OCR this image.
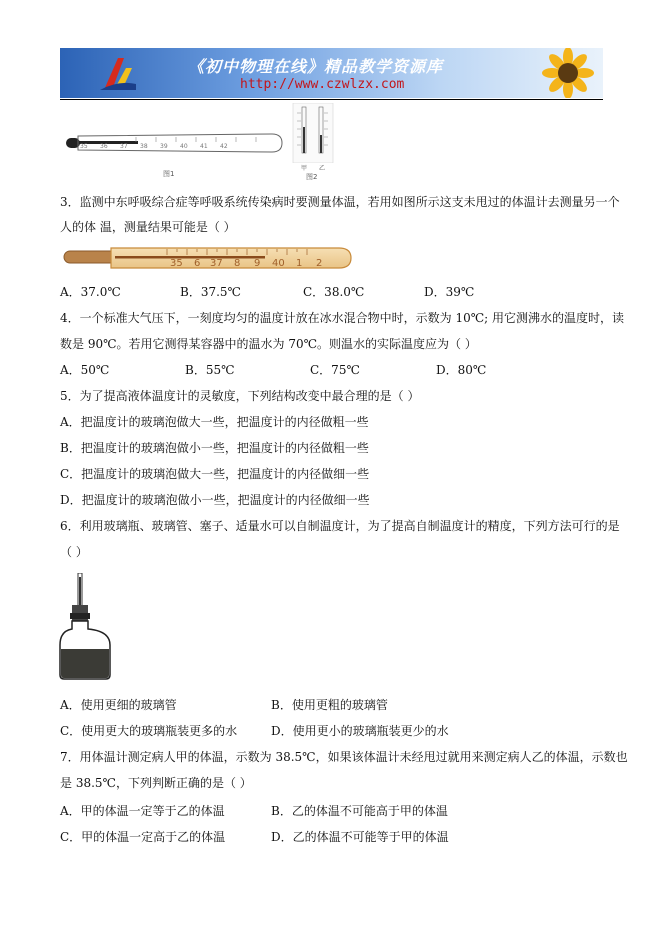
《初中物理在线》精品教学资源库
http://www.czwlzx.com
35 36 37 38 39 40 41 42
图1
甲 乙
图2
3．监测中东呼吸综合症等呼吸系统传染病时要测量体温，若用如图所示这支未甩过的体温计去测量另一个
人的体 温，测量结果可能是（ ）
35 6 37 8 9 40 1 2
A．37.0℃	B．37.5℃	C．38.0℃	D．39℃
4．一个标准大气压下，一刻度均匀的温度计放在冰水混合物中时，示数为 10℃; 用它测沸水的温度时，读
数是 90℃。若用它测得某容器中的温水为 70℃。则温水的实际温度应为（ ）
A．50℃	B．55℃	C．75℃	D．80℃
5．为了提高液体温度计的灵敏度，下列结构改变中最合理的是（ ）
A．把温度计的玻璃泡做大一些，把温度计的内径做粗一些
B．把温度计的玻璃泡做小一些，把温度计的内径做粗一些
C．把温度计的玻璃泡做大一些，把温度计的内径做细一些
D．把温度计的玻璃泡做小一些，把温度计的内径做细一些
6．利用玻璃瓶、玻璃管、塞子、适量水可以自制温度计，为了提高自制温度计的精度，下列方法可行的是
（ ）
A．使用更细的玻璃管	B．使用更粗的玻璃管
C．使用更大的玻璃瓶装更多的水	D．使用更小的玻璃瓶装更少的水
7．用体温计测定病人甲的体温，示数为 38.5℃，如果该体温计未经甩过就用来测定病人乙的体温，示数也
是 38.5℃，下列判断正确的是（ ）
A．甲的体温一定等于乙的体温	B．乙的体温不可能高于甲的体温
C．甲的体温一定高于乙的体温	D．乙的体温不可能等于甲的体温
